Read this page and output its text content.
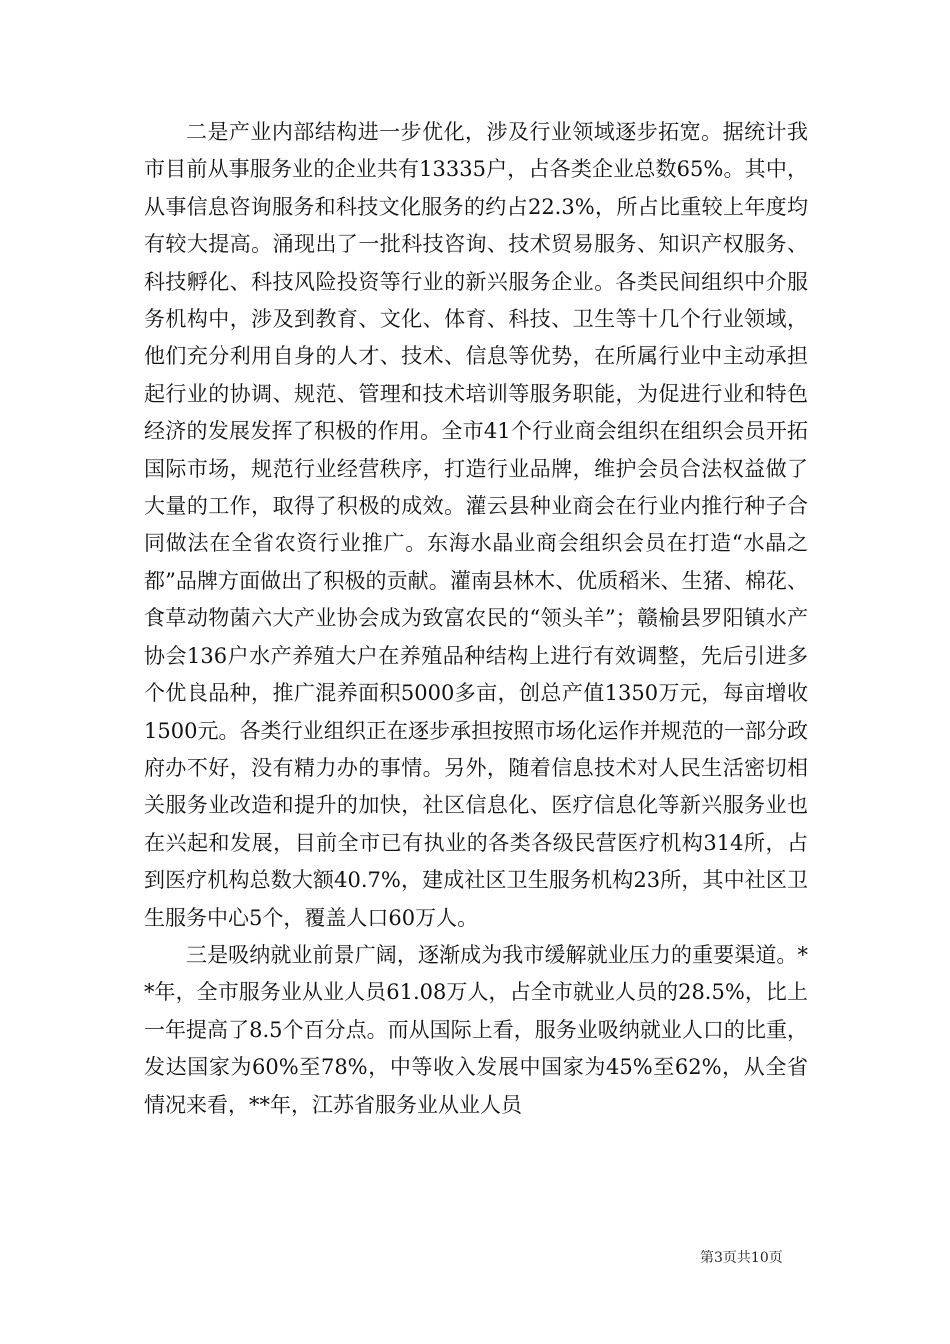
二是产业内部结构进一步优化，涉及行业领域逐步拓宽。据统计我市目前从事服务业的企业共有13335户，占各类企业总数65%。其中，从事信息咨询服务和科技文化服务的约占22.3%，所占比重较上年度均有较大提高。涌现出了一批科技咨询、技术贸易服务、知识产权服务、科技孵化、科技风险投资等行业的新兴服务企业。各类民间组织中介服务机构中，涉及到教育、文化、体育、科技、卫生等十几个行业领域，他们充分利用自身的人才、技术、信息等优势，在所属行业中主动承担起行业的协调、规范、管理和技术培训等服务职能，为促进行业和特色经济的发展发挥了积极的作用。全市41个行业商会组织在组织会员开拓国际市场，规范行业经营秩序，打造行业品牌，维护会员合法权益做了大量的工作，取得了积极的成效。灌云县种业商会在行业内推行种子合同做法在全省农资行业推广。东海水晶业商会组织会员在打造“水晶之都”品牌方面做出了积极的贡献。灌南县林木、优质稻米、生猪、棉花、食草动物菌六大产业协会成为致富农民的“领头羊”；赣榆县罗阳镇水产协会136户水产养殖大户在养殖品种结构上进行有效调整，先后引进多个优良品种，推广混养面积5000多亩，创总产值1350万元，每亩增收1500元。各类行业组织正在逐步承担按照市场化运作并规范的一部分政府办不好，没有精力办的事情。另外，随着信息技术对人民生活密切相关服务业改造和提升的加快，社区信息化、医疗信息化等新兴服务业也在兴起和发展，目前全市已有执业的各类各级民营医疗机构314所，占到医疗机构总数大额40.7%，建成社区卫生服务机构23所，其中社区卫生服务中心5个，覆盖人口60万人。

三是吸纳就业前景广阔，逐渐成为我市缓解就业压力的重要渠道。**年，全市服务业从业人员61.08万人，占全市就业人员的28.5%，比上一年提高了8.5个百分点。而从国际上看，服务业吸纳就业人口的比重，发达国家为60%至78%，中等收入发展中国家为45%至62%，从全省情况来看，**年，江苏省服务业从业人员

第3页共10页
